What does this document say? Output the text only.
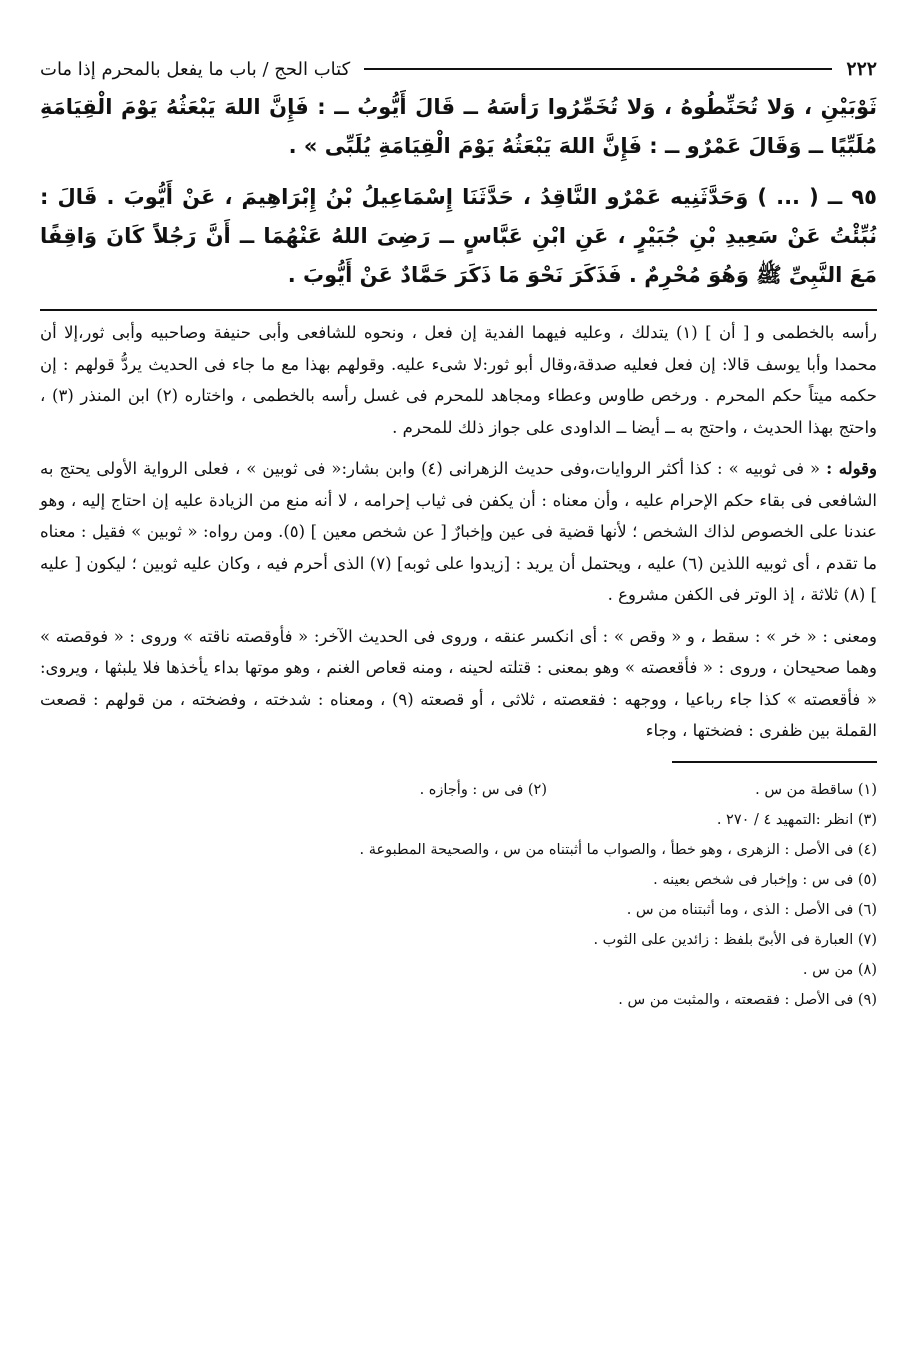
٢٢٢
كتاب الحج / باب ما يفعل بالمحرم إذا مات

ثَوْبَيْنِ ، وَلا تُحَنِّطُوهُ ، وَلا تُخَمِّرُوا رَأسَهُ ــ قَالَ أَيُّوبُ ــ : فَإِنَّ اللهَ يَبْعَثُهُ يَوْمَ الْقِيَامَةِ مُلَبِّيًا ــ وَقَالَ عَمْرٌو ــ : فَإِنَّ اللهَ يَبْعَثُهُ يَوْمَ الْقِيَامَةِ يُلَبِّى » .

٩٥ ــ ( ... ) وَحَدَّثَنِيه عَمْرٌو النَّاقِدُ ، حَدَّثَنَا إِسْمَاعِيلُ بْنُ إِبْرَاهِيمَ ، عَنْ أَيُّوبَ . قَالَ : نُبِّئْتُ عَنْ سَعِيدِ بْنِ جُبَيْرٍ ، عَنِ ابْنِ عَبَّاسٍ ــ رَضِىَ اللهُ عَنْهُمَا ــ أَنَّ رَجُلاً كَانَ وَاقِفًا مَعَ النَّبِىِّ ﷺ وَهُوَ مُحْرِمٌ . فَذَكَرَ نَحْوَ مَا ذَكَرَ حَمَّادٌ عَنْ أَيُّوبَ .

رأسه بالخطمى و [ أن ] (١) يتدلك ، وعليه فيهما الفدية إن فعل ، ونحوه للشافعى وأبى حنيفة وصاحبيه وأبى ثور،إلا أن محمدا وأبا يوسف قالا: إن فعل فعليه صدقة،وقال أبو ثور:لا شىء عليه. وقولهم بهذا مع ما جاء فى الحديث يردُّ قولهم : إن حكمه ميتاً حكم المحرم . ورخص طاوس وعطاء ومجاهد للمحرم فى غسل رأسه بالخطمى ، واختاره (٢) ابن المنذر (٣) ، واحتج بهذا الحديث ، واحتج به ــ أيضا ــ الداودى على جواز ذلك للمحرم .

وقوله : « فى ثوبيه » : كذا أكثر الروايات،وفى حديث الزهرانى (٤) وابن بشار:« فى ثوبين » ، فعلى الرواية الأولى يحتج به الشافعى فى بقاء حكم الإحرام عليه ، وأن معناه : أن يكفن فى ثياب إحرامه ، لا أنه منع من الزيادة عليه إن احتاج إليه ، وهو عندنا على الخصوص لذاك الشخص ؛ لأنها قضية فى عين وإخبارٌ [ عن شخص معين ] (٥). ومن رواه: « ثوبين » فقيل : معناه ما تقدم ، أى ثوبيه اللذين (٦) عليه ، ويحتمل أن يريد : [زيدوا على ثوبه] (٧) الذى أحرم فيه ، وكان عليه ثوبين ؛ ليكون [ عليه ] (٨) ثلاثة ، إذ الوتر فى الكفن مشروع .

ومعنى : « خر » : سقط ، و « وقص » : أى انكسر عنقه ، وروى فى الحديث الآخر: « فأوقصته ناقته » وروى : « فوقصته » وهما صحيحان ، وروى : « فأقعصته » وهو بمعنى : قتلته لحينه ، ومنه قعاص الغنم ، وهو موتها بداء يأخذها فلا يلبثها ، ويروى: « فأقعصته » كذا جاء رباعيا ، ووجهه : فقعصته ، ثلاثى ، أو قصعته (٩) ، ومعناه : شدخته ، وفضخته ، من قولهم : قصعت القملة بين ظفرى : فضختها ، وجاء

(١) ساقطة من س .
(٢) فى س : وأجازه .
(٣) انظر :التمهيد ٤ / ٢٧٠ .
(٤) فى الأصل : الزهرى ، وهو خطأ ، والصواب ما أثبتناه من س ، والصحيحة المطبوعة .
(٥) فى س : وإخبار فى شخص بعينه .
(٦) فى الأصل : الذى ، وما أثبتناه من س .
(٧) العبارة فى الأبىّ بلفظ : زائدين على الثوب .
(٨) من س .
(٩) فى الأصل : فقصعته ، والمثبت من س .
